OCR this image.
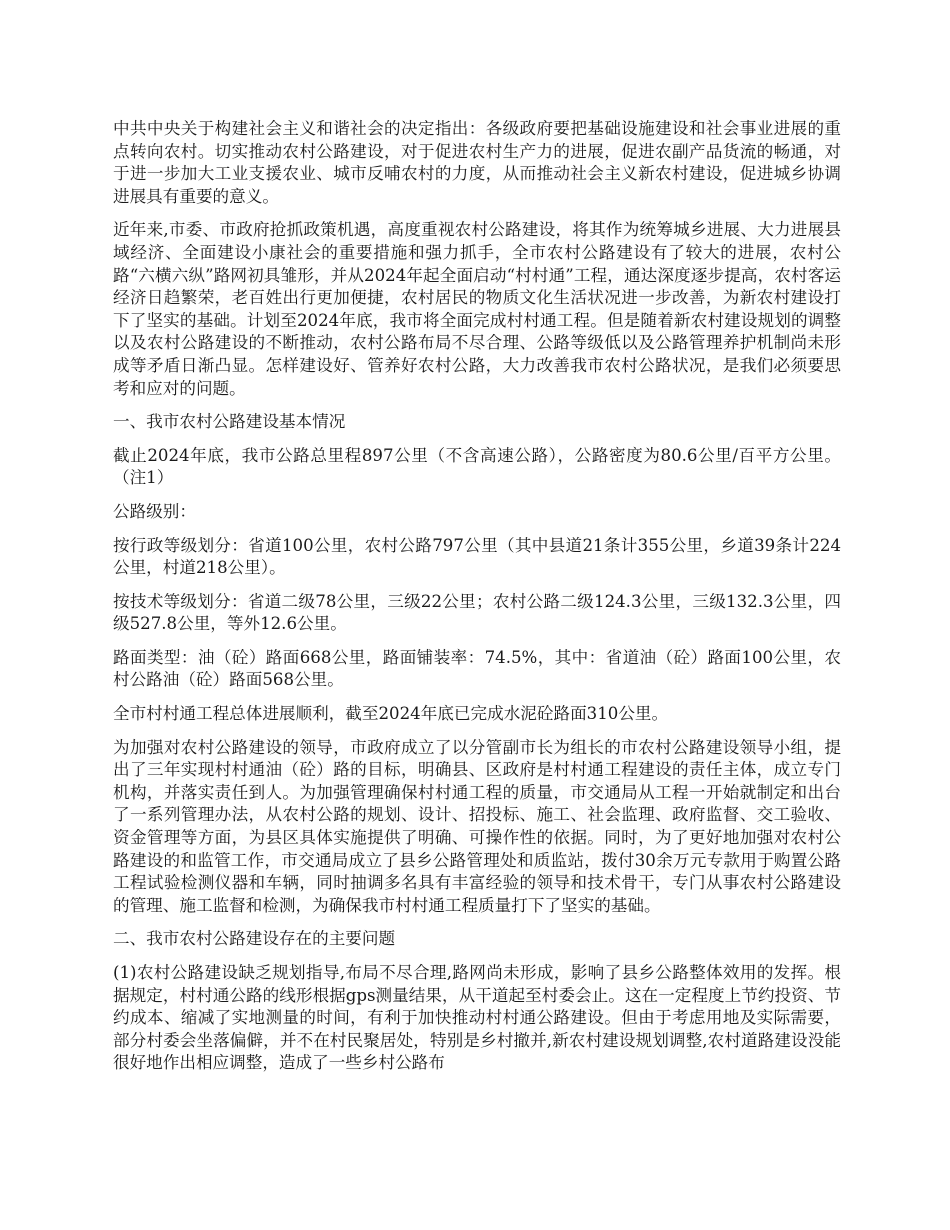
中共中央关于构建社会主义和谐社会的决定指出：各级政府要把基础设施建设和社会事业进展的重点转向农村。切实推动农村公路建设，对于促进农村生产力的进展，促进农副产品货流的畅通，对于进一步加大工业支援农业、城市反哺农村的力度，从而推动社会主义新农村建设，促进城乡协调进展具有重要的意义。

近年来,市委、市政府抢抓政策机遇，高度重视农村公路建设，将其作为统筹城乡进展、大力进展县域经济、全面建设小康社会的重要措施和强力抓手，全市农村公路建设有了较大的进展，农村公路“六横六纵”路网初具雏形，并从2024年起全面启动“村村通”工程，通达深度逐步提高，农村客运经济日趋繁荣，老百姓出行更加便捷，农村居民的物质文化生活状况进一步改善，为新农村建设打下了坚实的基础。计划至2024年底，我市将全面完成村村通工程。但是随着新农村建设规划的调整以及农村公路建设的不断推动，农村公路布局不尽合理、公路等级低以及公路管理养护机制尚未形成等矛盾日渐凸显。怎样建设好、管养好农村公路，大力改善我市农村公路状况，是我们必须要思考和应对的问题。

一、我市农村公路建设基本情况

截止2024年底，我市公路总里程897公里（不含高速公路），公路密度为80.6公里/百平方公里。（注1）

公路级别：

按行政等级划分：省道100公里，农村公路797公里（其中县道21条计355公里，乡道39条计224公里，村道218公里）。

按技术等级划分：省道二级78公里，三级22公里；农村公路二级124.3公里，三级132.3公里，四级527.8公里，等外12.6公里。

路面类型：油（砼）路面668公里，路面铺装率：74.5%，其中：省道油（砼）路面100公里，农村公路油（砼）路面568公里。

全市村村通工程总体进展顺利，截至2024年底已完成水泥砼路面310公里。

为加强对农村公路建设的领导，市政府成立了以分管副市长为组长的市农村公路建设领导小组，提出了三年实现村村通油（砼）路的目标，明确县、区政府是村村通工程建设的责任主体，成立专门机构，并落实责任到人。为加强管理确保村村通工程的质量，市交通局从工程一开始就制定和出台了一系列管理办法，从农村公路的规划、设计、招投标、施工、社会监理、政府监督、交工验收、资金管理等方面，为县区具体实施提供了明确、可操作性的依据。同时，为了更好地加强对农村公路建设的和监管工作，市交通局成立了县乡公路管理处和质监站，拨付30余万元专款用于购置公路工程试验检测仪器和车辆，同时抽调多名具有丰富经验的领导和技术骨干，专门从事农村公路建设的管理、施工监督和检测，为确保我市村村通工程质量打下了坚实的基础。

二、我市农村公路建设存在的主要问题

(1)农村公路建设缺乏规划指导,布局不尽合理,路网尚未形成，影响了县乡公路整体效用的发挥。根据规定，村村通公路的线形根据gps测量结果，从干道起至村委会止。这在一定程度上节约投资、节约成本、缩减了实地测量的时间，有利于加快推动村村通公路建设。但由于考虑用地及实际需要，部分村委会坐落偏僻，并不在村民聚居处，特别是乡村撤并,新农村建设规划调整,农村道路建设没能很好地作出相应调整，造成了一些乡村公路布
